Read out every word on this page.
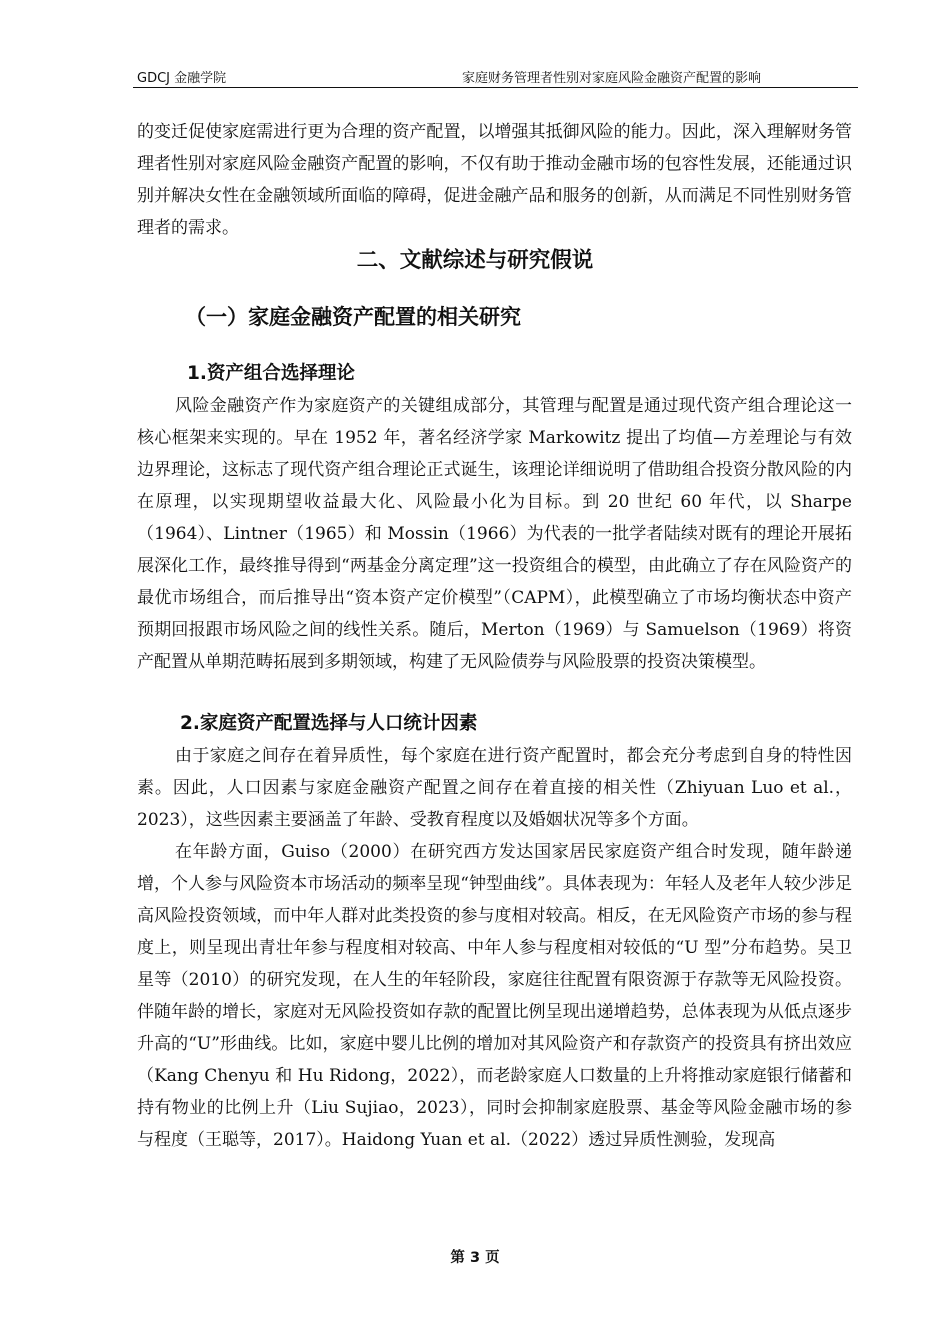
GDCJ 金融学院	家庭财务管理者性别对家庭风险金融资产配置的影响

的变迁促使家庭需进行更为合理的资产配置，以增强其抵御风险的能力。因此，深入理解财务管理者性别对家庭风险金融资产配置的影响，不仅有助于推动金融市场的包容性发展，还能通过识别并解决女性在金融领域所面临的障碍，促进金融产品和服务的创新，从而满足不同性别财务管理者的需求。

二、文献综述与研究假说
（一）家庭金融资产配置的相关研究
1.资产组合选择理论

风险金融资产作为家庭资产的关键组成部分，其管理与配置是通过现代资产组合理论这一核心框架来实现的。早在 1952 年，著名经济学家 Markowitz 提出了均值—方差理论与有效边界理论，这标志了现代资产组合理论正式诞生，该理论详细说明了借助组合投资分散风险的内在原理，以实现期望收益最大化、风险最小化为目标。到 20 世纪 60 年代，以 Sharpe（1964）、Lintner（1965）和 Mossin（1966）为代表的一批学者陆续对既有的理论开展拓展深化工作，最终推导得到“两基金分离定理”这一投资组合的模型，由此确立了存在风险资产的最优市场组合，而后推导出“资本资产定价模型”（CAPM），此模型确立了市场均衡状态中资产预期回报跟市场风险之间的线性关系。随后，Merton（1969）与 Samuelson（1969）将资产配置从单期范畴拓展到多期领域，构建了无风险债券与风险股票的投资决策模型。

2.家庭资产配置选择与人口统计因素

由于家庭之间存在着异质性，每个家庭在进行资产配置时，都会充分考虑到自身的特性因素。因此，人口因素与家庭金融资产配置之间存在着直接的相关性（Zhiyuan Luo et al.，2023），这些因素主要涵盖了年龄、受教育程度以及婚姻状况等多个方面。

在年龄方面，Guiso（2000）在研究西方发达国家居民家庭资产组合时发现，随年龄递增，个人参与风险资本市场活动的频率呈现“钟型曲线”。具体表现为：年轻人及老年人较少涉足高风险投资领域，而中年人群对此类投资的参与度相对较高。相反，在无风险资产市场的参与程度上，则呈现出青壮年参与程度相对较高、中年人参与程度相对较低的“U 型”分布趋势。吴卫星等（2010）的研究发现，在人生的年轻阶段，家庭往往配置有限资源于存款等无风险投资。伴随年龄的增长，家庭对无风险投资如存款的配置比例呈现出递增趋势，总体表现为从低点逐步升高的“U”形曲线。比如，家庭中婴儿比例的增加对其风险资产和存款资产的投资具有挤出效应（Kang Chenyu 和 Hu Ridong，2022），而老龄家庭人口数量的上升将推动家庭银行储蓄和持有物业的比例上升（Liu Sujiao，2023），同时会抑制家庭股票、基金等风险金融市场的参与程度（王聪等，2017）。Haidong Yuan et al.（2022）透过异质性测验，发现高

第 3 页
